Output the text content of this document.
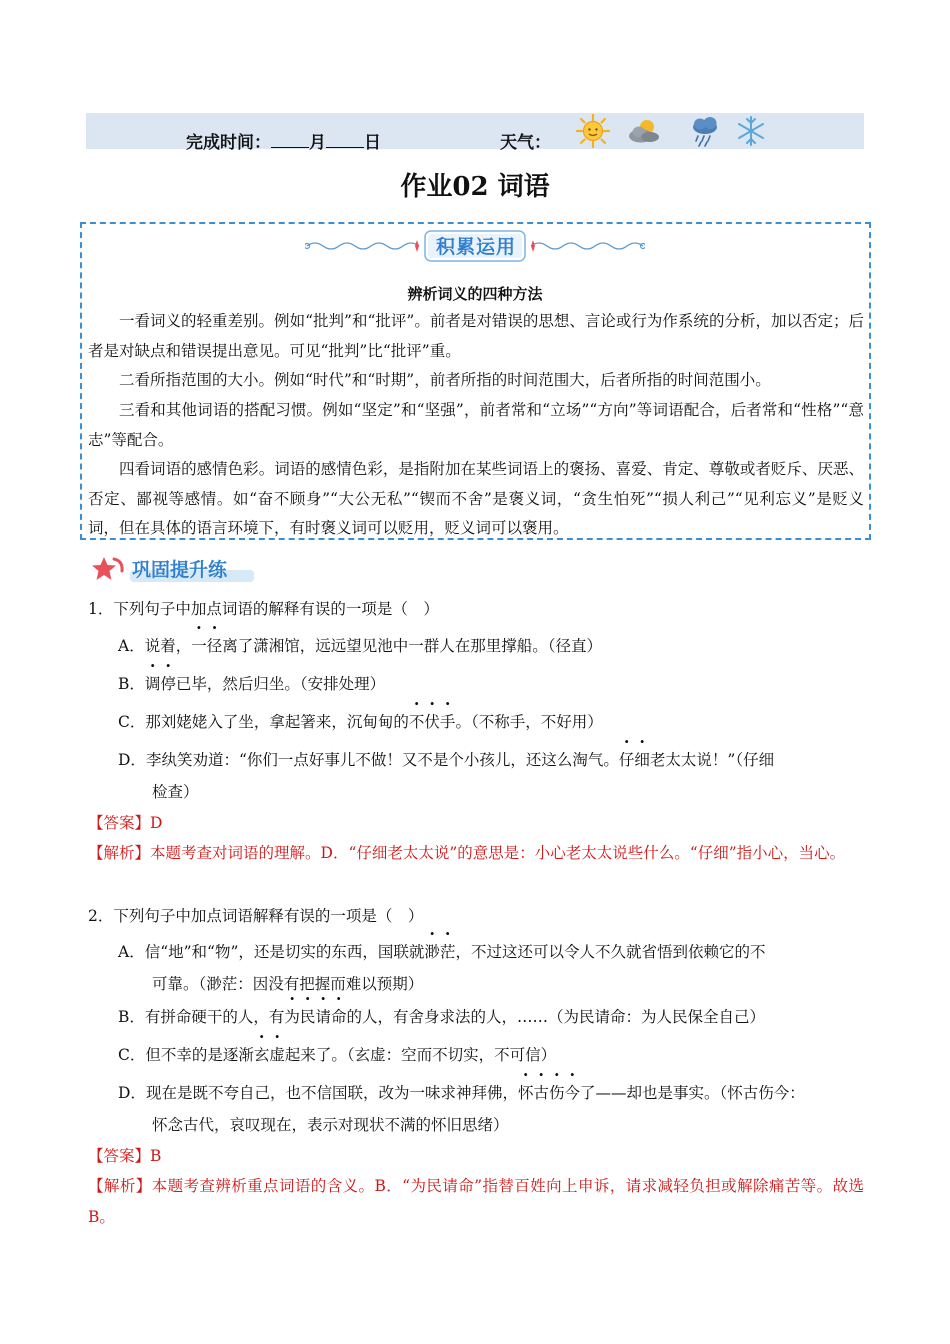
完成时间： 月 日	天气：
作业02 词语
积累运用
辨析词义的四种方法
一看词义的轻重差别。例如“批判”和“批评”。前者是对错误的思想、言论或行为作系统的分析，加以否定；后者是对缺点和错误提出意见。可见“批判”比“批评”重。
二看所指范围的大小。例如“时代”和“时期”，前者所指的时间范围大，后者所指的时间范围小。
三看和其他词语的搭配习惯。例如“坚定”和“坚强”，前者常和“立场”“方向”等词语配合，后者常和“性格”“意志”等配合。
四看词语的感情色彩。词语的感情色彩，是指附加在某些词语上的褒扬、喜爱、肯定、尊敬或者贬斥、厌恶、否定、鄙视等感情。如“奋不顾身”“大公无私”“锲而不舍”是褒义词，“贪生怕死”“损人利己”“见利忘义”是贬义词，但在具体的语言环境下，有时褒义词可以贬用，贬义词可以褒用。
巩固提升练
1．下列句子中加点词语的解释有误的一项是（　）
A．说着，一径离了潇湘馆，远远望见池中一群人在那里撑船。（径直）
B．调停已毕，然后归坐。（安排处理）
C．那刘姥姥入了坐，拿起箸来，沉甸甸的不伏手。（不称手，不好用）
D．李纨笑劝道：“你们一点好事儿不做！又不是个小孩儿，还这么淘气。仔细老太太说！”（仔细
检查）
【答案】D
【解析】本题考查对词语的理解。D．“仔细老太太说”的意思是：小心老太太说些什么。“仔细”指小心，当心。
2．下列句子中加点词语解释有误的一项是（　）
A．信“地”和“物”，还是切实的东西，国联就渺茫，不过这还可以令人不久就省悟到依赖它的不
可靠。（渺茫：因没有把握而难以预期）
B．有拼命硬干的人，有为民请命的人，有舍身求法的人，……（为民请命：为人民保全自己）
C．但不幸的是逐渐玄虚起来了。（玄虚：空而不切实，不可信）
D．现在是既不夸自己，也不信国联，改为一味求神拜佛，怀古伤今了——却也是事实。（怀古伤今：
怀念古代，哀叹现在，表示对现状不满的怀旧思绪）
【答案】B
【解析】本题考查辨析重点词语的含义。B．“为民请命”指替百姓向上申诉，请求减轻负担或解除痛苦等。故选B。
